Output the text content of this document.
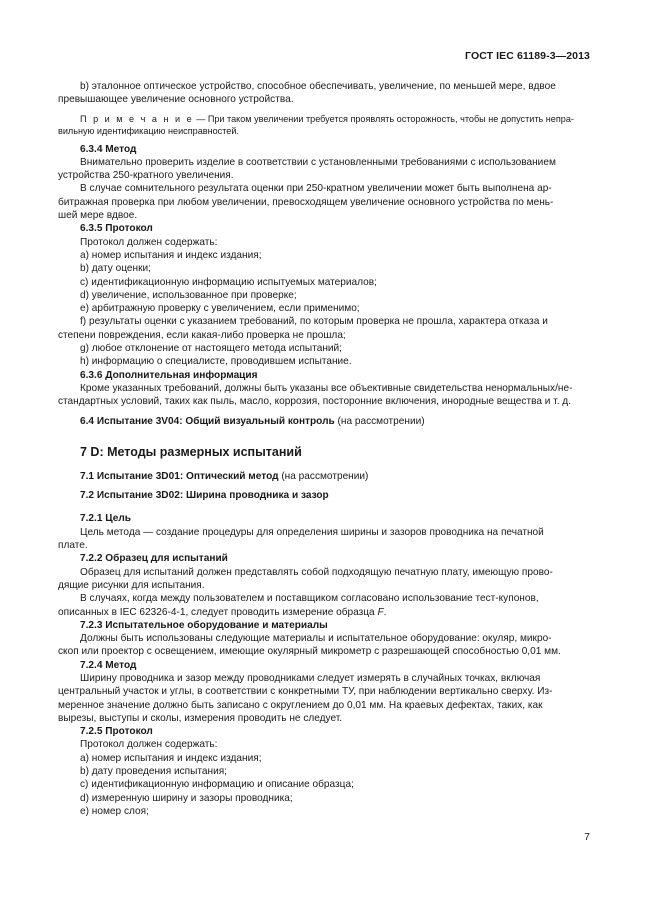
ГОСТ IEC 61189-3—2013

b) эталонное оптическое устройство, способное обеспечивать, увеличение, по меньшей мере, вдвое

превышающее увеличение основного устройства.

П р и м е ч а н и е — При таком увеличении требуется проявлять осторожность, чтобы не допустить непра-

вильную идентификацию неисправностей.

6.3.4 Метод

Внимательно проверить изделие в соответствии с установленными требованиями с использованием

устройства 250-кратного увеличения.

В случае сомнительного результата оценки при 250-кратном увеличении может быть выполнена ар-

битражная проверка при любом увеличении, превосходящем увеличение основного устройства по мень-

шей мере вдвое.

6.3.5 Протокол

Протокол должен содержать:

а) номер испытания и индекс издания;

b) дату оценки;

с) идентификационную информацию испытуемых материалов;

d) увеличение, использованное при проверке;

е) арбитражную проверку с увеличением, если применимо;

f) результаты оценки с указанием требований, по которым проверка не прошла, характера отказа и

степени повреждения, если какая-либо проверка не прошла;

g) любое отклонение от настоящего метода испытаний;

h) информацию о специалисте, проводившем испытание.

6.3.6 Дополнительная информация

Кроме указанных требований, должны быть указаны все объективные свидетельства ненормальных/не-

стандартных условий, таких как пыль, масло, коррозия, посторонние включения, инородные вещества и т. д.

6.4 Испытание 3V04: Общий визуальный контроль (на рассмотрении)

7 D: Методы размерных испытаний

7.1 Испытание 3D01: Оптический метод (на рассмотрении)

7.2 Испытание 3D02: Ширина проводника и зазор

7.2.1 Цель

Цель метода — создание процедуры для определения ширины и зазоров проводника на печатной

плате.

7.2.2 Образец для испытаний

Образец для испытаний должен представлять собой подходящую печатную плату, имеющую прово-

дящие рисунки для испытания.

В случаях, когда между пользователем и поставщиком согласовано использование тест-купонов,

описанных в IEC 62326-4-1, следует проводить измерение образца F.

7.2.3 Испытательное оборудование и материалы

Должны быть использованы следующие материалы и испытательное оборудование: окуляр, микро-

скоп или проектор с освещением, имеющие окулярный микрометр с разрешающей способностью 0,01 мм.

7.2.4 Метод

Ширину проводника и зазор между проводниками следует измерять в случайных точках, включая

центральный участок и углы, в соответствии с конкретными ТУ, при наблюдении вертикально сверху. Из-

меренное значение должно быть записано с округлением до 0,01 мм. На краевых дефектах, таких, как

вырезы, выступы и сколы, измерения проводить не следует.

7.2.5 Протокол

Протокол должен содержать:

а) номер испытания и индекс издания;

b) дату проведения испытания;

с) идентификационную информацию и описание образца;

d) измеренную ширину и зазоры проводника;

е) номер слоя;

7
